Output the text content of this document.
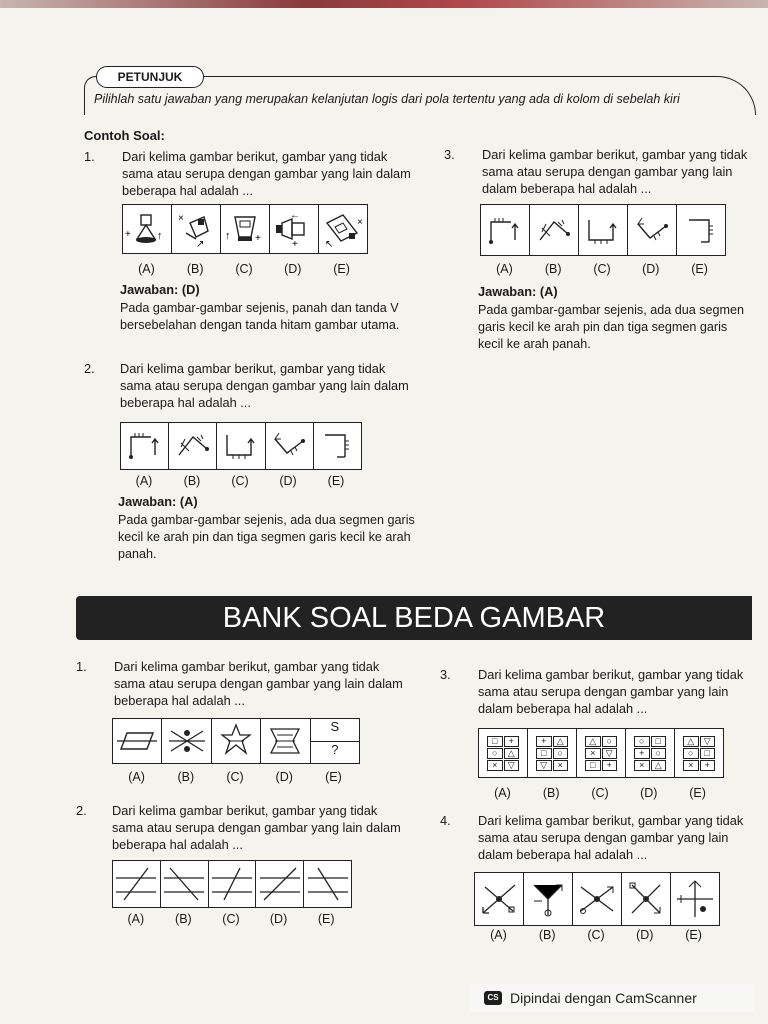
PETUNJUK
Pilihlah satu jawaban yang merupakan kelanjutan logis dari pola tertentu yang ada di kolom di sebelah kiri
Contoh Soal:
1. Dari kelima gambar berikut, gambar yang tidak sama atau serupa dengan gambar yang lain dalam beberapa hal adalah ...
+ ↑
×
↗
↑ +
←
+
×
↖
(A)	(B)	(C)	(D)	(E)
Jawaban: (D)
Pada gambar-gambar sejenis, panah dan tanda V bersebelahan dengan tanda hitam gambar utama.
2. Dari kelima gambar berikut, gambar yang tidak sama atau serupa dengan gambar yang lain dalam beberapa hal adalah ...
(A)	(B)	(C)	(D)	(E)
Jawaban: (A)
Pada gambar-gambar sejenis, ada dua segmen garis kecil ke arah pin dan tiga segmen garis kecil ke arah panah.
3. Dari kelima gambar berikut, gambar yang tidak sama atau serupa dengan gambar yang lain dalam beberapa hal adalah ...
(A)	(B)	(C)	(D)	(E)
Jawaban: (A)
Pada gambar-gambar sejenis, ada dua segmen garis kecil ke arah pin dan tiga segmen garis kecil ke arah panah.
BANK SOAL BEDA GAMBAR
1. Dari kelima gambar berikut, gambar yang tidak sama atau serupa dengan gambar yang lain dalam beberapa hal adalah ...
S
?
(A)	(B)	(C)	(D)	(E)
2. Dari kelima gambar berikut, gambar yang tidak sama atau serupa dengan gambar yang lain dalam beberapa hal adalah ...
(A)	(B)	(C)	(D)	(E)
3. Dari kelima gambar berikut, gambar yang tidak sama atau serupa dengan gambar yang lain dalam beberapa hal adalah ...
□	+
○	△
×	▽
+	△
□	○
▽	×
△	○
×	▽
□	+
○	□
+	○
×	△
△	▽
○	□
×	+
(A)	(B)	(C)	(D)	(E)
4. Dari kelima gambar berikut, gambar yang tidak sama atau serupa dengan gambar yang lain dalam beberapa hal adalah ...
(A)	(B)	(C)	(D)	(E)
CS Dipindai dengan CamScanner
